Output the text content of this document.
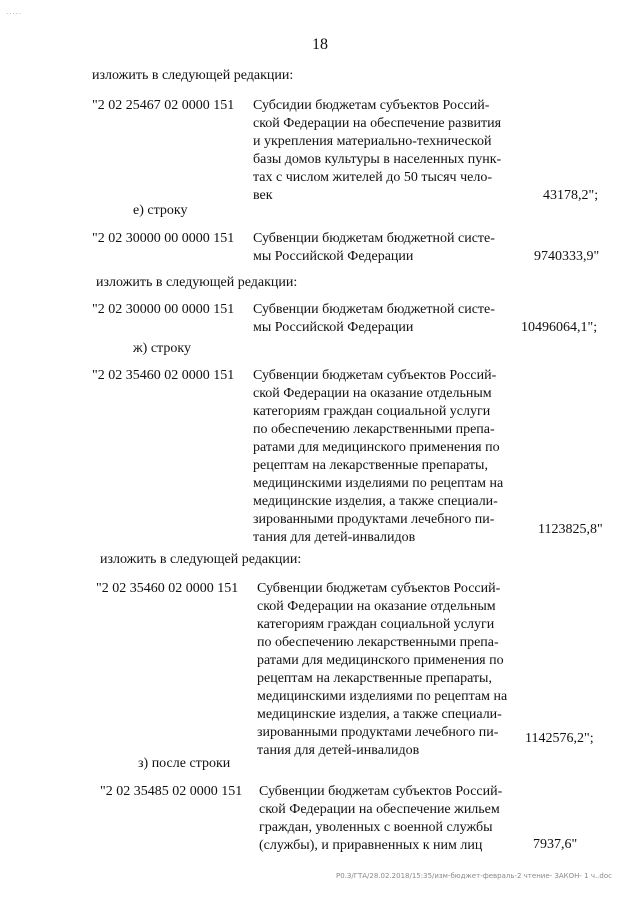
·····
18
изложить в следующей редакции:
"2 02 25467 02 0000 151 Субсидии бюджетам субъектов Россий-
ской Федерации на обеспечение развития
и укрепления материально-технической
базы домов культуры в населенных пунк-
тах с числом жителей до 50 тысяч чело-
век	43178,2";
е) строку
"2 02 30000 00 0000 151 Субвенции бюджетам бюджетной систе-
мы Российской Федерации	9740333,9"
изложить в следующей редакции:
"2 02 30000 00 0000 151 Субвенции бюджетам бюджетной систе-
мы Российской Федерации	10496064,1";
ж) строку
"2 02 35460 02 0000 151 Субвенции бюджетам субъектов Россий-
ской Федерации на оказание отдельным
категориям граждан социальной услуги
по обеспечению лекарственными препа-
ратами для медицинского применения по
рецептам на лекарственные препараты,
медицинскими изделиями по рецептам на
медицинские изделия, а также специали-
зированными продуктами лечебного пи-
тания для детей-инвалидов
1123825,8"
изложить в следующей редакции:
"2 02 35460 02 0000 151 Субвенции бюджетам субъектов Россий-
ской Федерации на оказание отдельным
категориям граждан социальной услуги
по обеспечению лекарственными препа-
ратами для медицинского применения по
рецептам на лекарственные препараты,
медицинскими изделиями по рецептам на
медицинские изделия, а также специали-
зированными продуктами лечебного пи-
тания для детей-инвалидов
1142576,2";
з) после строки
"2 02 35485 02 0000 151 Субвенции бюджетам субъектов Россий-
ской Федерации на обеспечение жильем
граждан, уволенных с военной службы
(службы), и приравненных к ним лиц	7937,6"
Р0.З/ГТА/28.02.2018/15:35/изм-бюджет-февраль-2 чтение- ЗАКОН- 1 ч..doc
